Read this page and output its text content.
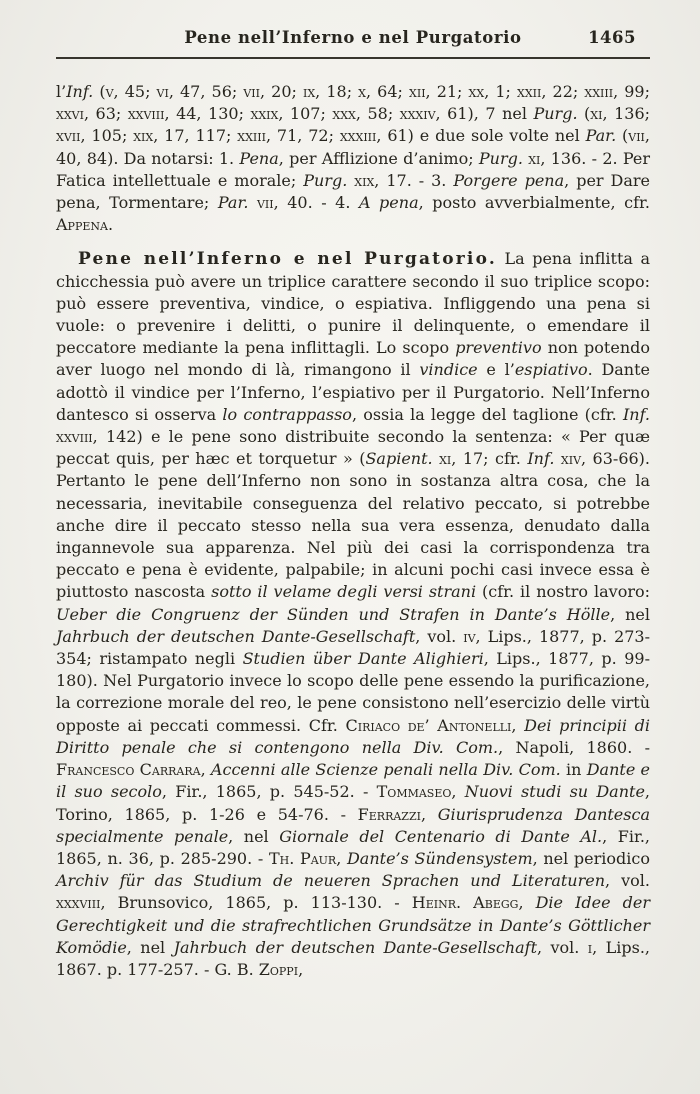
Pene nell’Inferno e nel Purgatorio	1465

l’Inf. (v, 45; vi, 47, 56; vii, 20; ix, 18; x, 64; xii, 21; xx, 1; xxii, 22; xxiii, 99; xxvi, 63; xxviii, 44, 130; xxix, 107; xxx, 58; xxxiv, 61), 7 nel Purg. (xi, 136; xvii, 105; xix, 17, 117; xxiii, 71, 72; xxxiii, 61) e due sole volte nel Par. (vii, 40, 84). Da notarsi: 1. Pena, per Afflizione d’animo; Purg. xi, 136. - 2. Per Fatica intellettuale e morale; Purg. xix, 17. - 3. Porgere pena, per Dare pena, Tormentare; Par. vii, 40. - 4. A pena, posto avverbialmente, cfr. Appena.

Pene nell’Inferno e nel Purgatorio. La pena inflitta a chicchessia può avere un triplice carattere secondo il suo triplice scopo: può essere preventiva, vindice, o espiativa. Infliggendo una pena si vuole: o prevenire i delitti, o punire il delinquente, o emendare il peccatore mediante la pena inflittagli. Lo scopo preventivo non potendo aver luogo nel mondo di là, rimangono il vindice e l’espiativo. Dante adottò il vindice per l’Inferno, l’espiativo per il Purgatorio. Nell’Inferno dantesco si osserva lo contrappasso, ossia la legge del taglione (cfr. Inf. xxviii, 142) e le pene sono distribuite secondo la sentenza: « Per quæ peccat quis, per hæc et torquetur » (Sapient. xi, 17; cfr. Inf. xiv, 63-66). Pertanto le pene dell’Inferno non sono in sostanza altra cosa, che la necessaria, inevitabile conseguenza del relativo peccato, si potrebbe anche dire il peccato stesso nella sua vera essenza, denudato dalla ingannevole sua apparenza. Nel più dei casi la corrispondenza tra peccato e pena è evidente, palpabile; in alcuni pochi casi invece essa è piuttosto nascosta sotto il velame degli versi strani (cfr. il nostro lavoro: Ueber die Congruenz der Sünden und Strafen in Dante’s Hölle, nel Jahrbuch der deutschen Dante-Gesellschaft, vol. iv, Lips., 1877, p. 273-354; ristampato negli Studien über Dante Alighieri, Lips., 1877, p. 99-180). Nel Purgatorio invece lo scopo delle pene essendo la purificazione, la correzione morale del reo, le pene consistono nell’esercizio delle virtù opposte ai peccati commessi. Cfr. Ciriaco de’ Antonelli, Dei principii di Diritto penale che si contengono nella Div. Com., Napoli, 1860. - Francesco Carrara, Accenni alle Scienze penali nella Div. Com. in Dante e il suo secolo, Fir., 1865, p. 545-52. - Tommaseo, Nuovi studi su Dante, Torino, 1865, p. 1-26 e 54-76. - Ferrazzi, Giurisprudenza Dantesca specialmente penale, nel Giornale del Centenario di Dante Al., Fir., 1865, n. 36, p. 285-290. - Th. Paur, Dante’s Sündensystem, nel periodico Archiv für das Studium de neueren Sprachen und Literaturen, vol. xxxviii, Brunsovico, 1865, p. 113-130. - Heinr. Abegg, Die Idee der Gerechtigkeit und die strafrechtlichen Grundsätze in Dante’s Göttlicher Komödie, nel Jahrbuch der deutschen Dante-Gesellschaft, vol. i, Lips., 1867. p. 177-257. - G. B. Zoppi,
